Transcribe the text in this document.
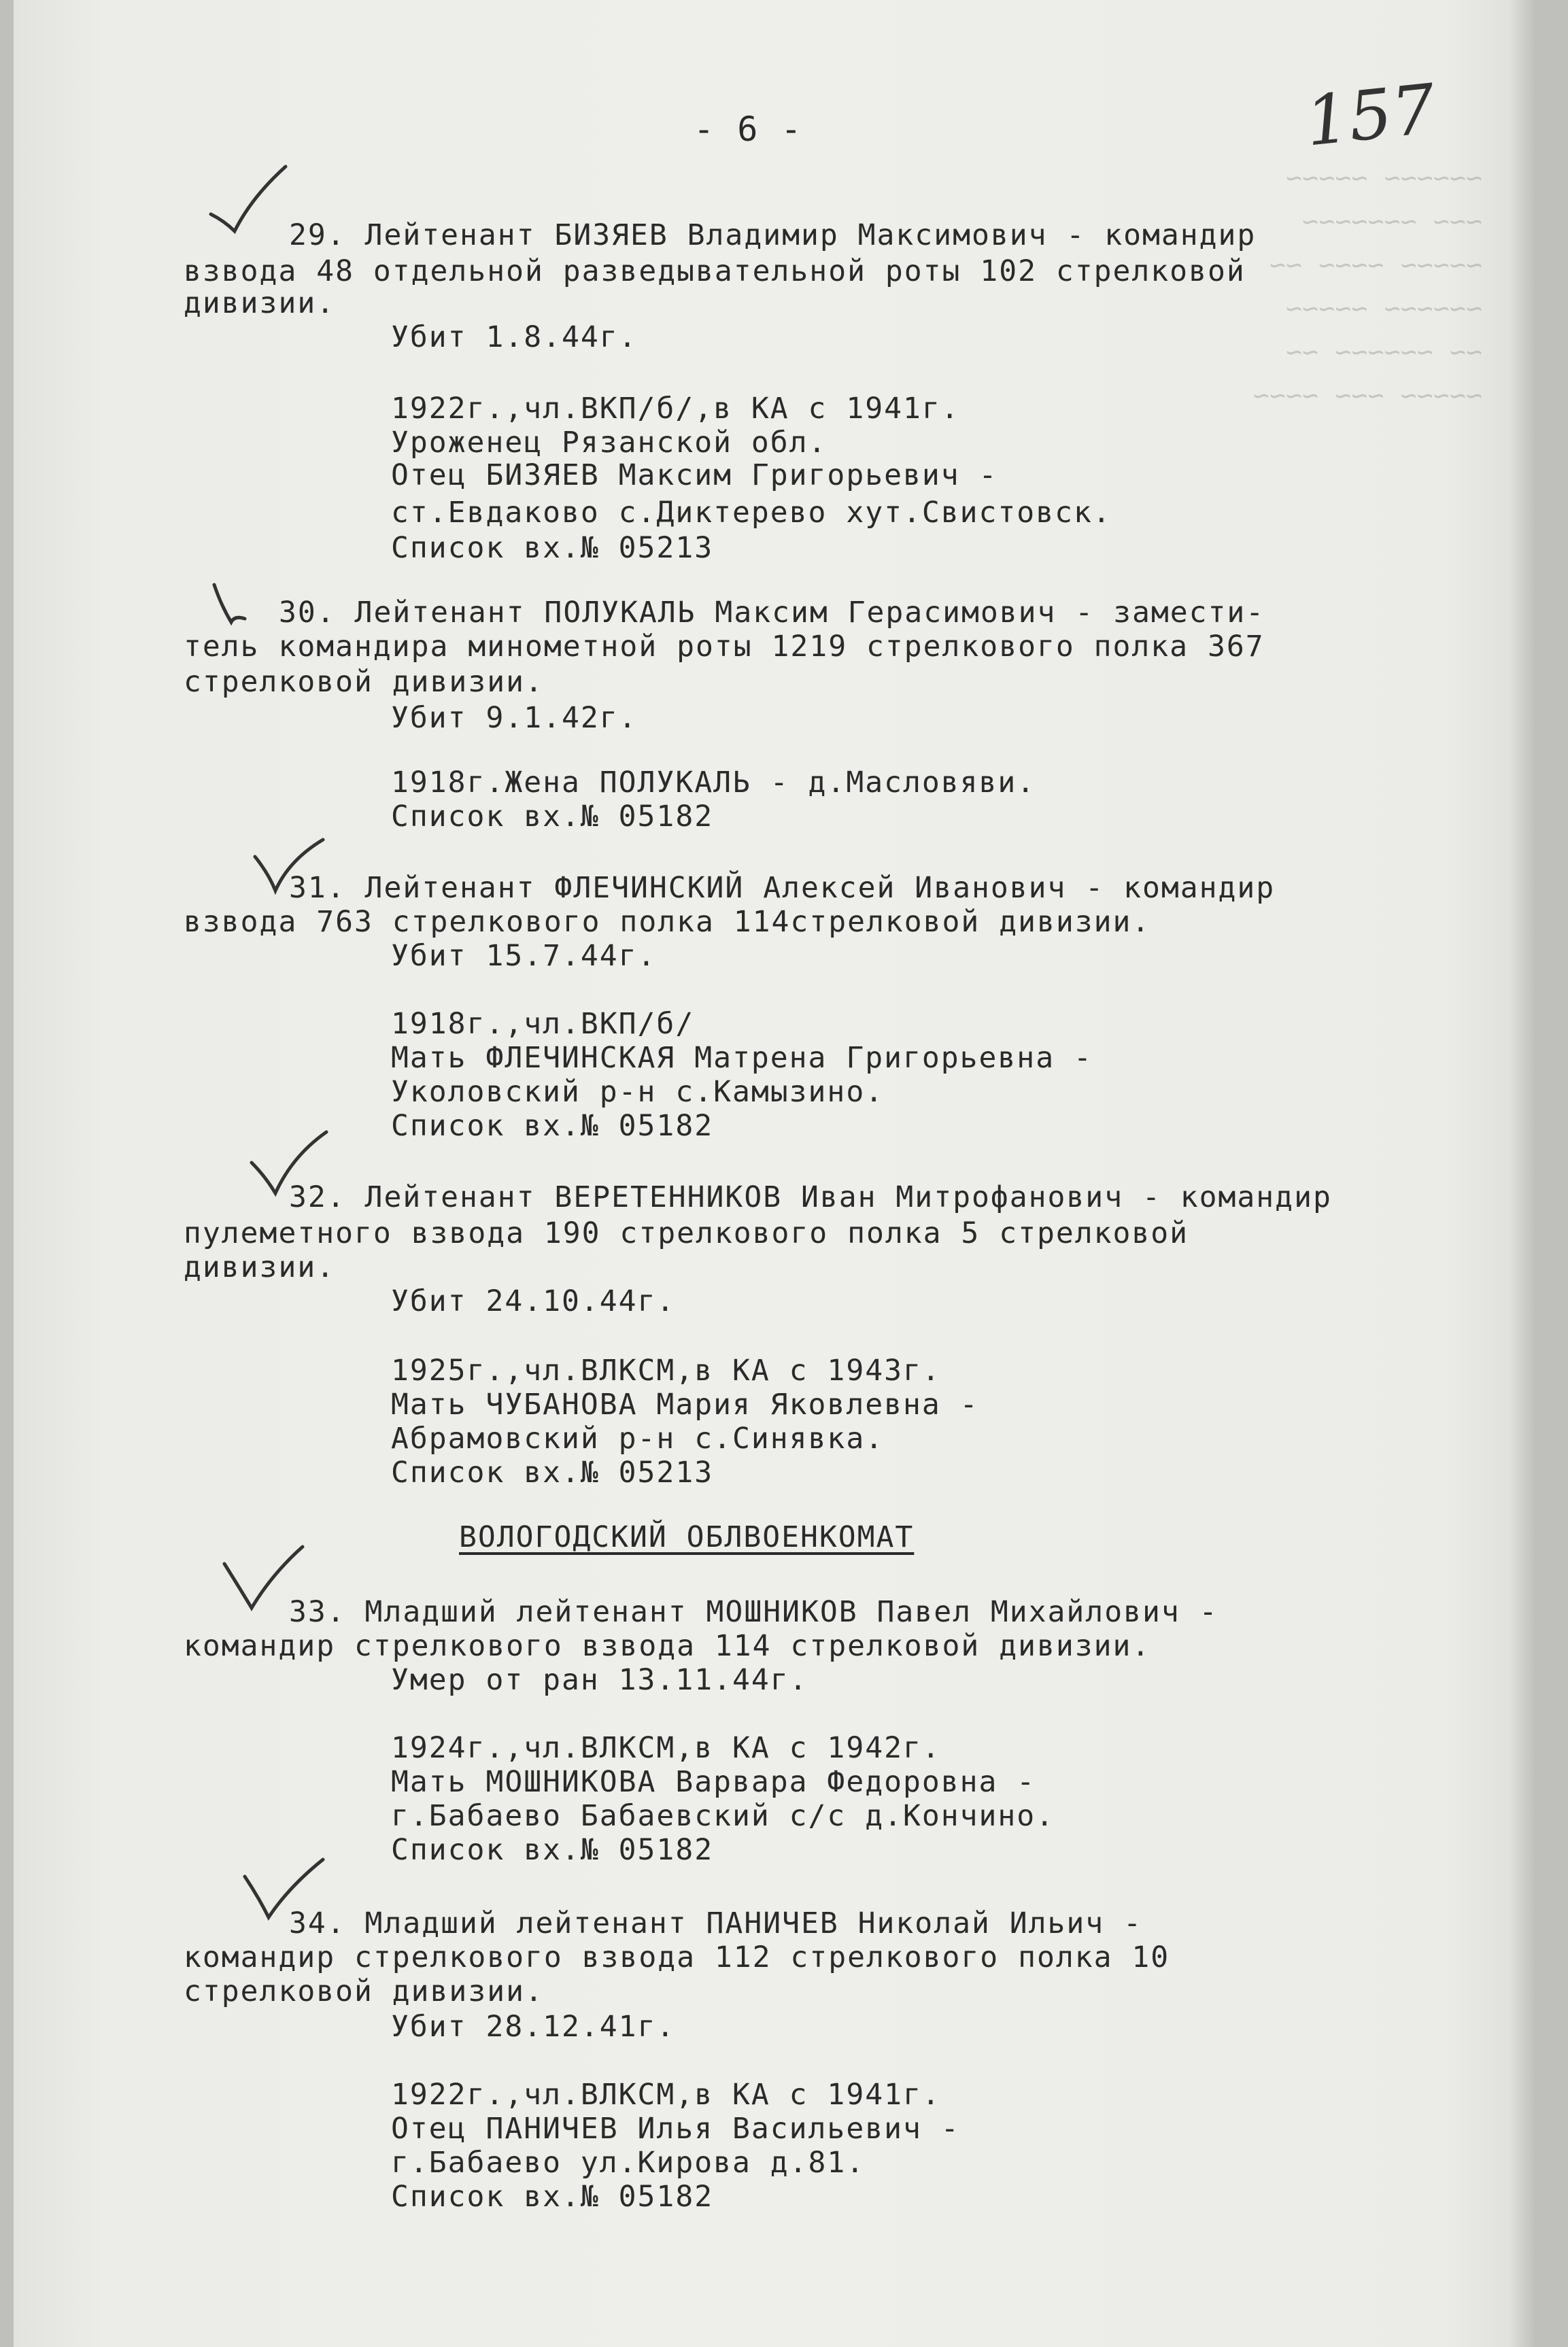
~~~~~~ ~~~~~
~~~ ~~~~~~~
~~~~~ ~~~~ ~~
~~~~~~ ~~~~~
~~ ~~~~~~ ~~
~~~~~ ~~~ ~~~~
- 6 -	157
29. Лейтенант БИЗЯЕВ Владимир Максимович - командир
взвода 48 отдельной разведывательной роты 102 стрелковой
дивизии.
Убит 1.8.44г.
1922г.,чл.ВКП/б/,в КА с 1941г.
Уроженец Рязанской обл.
Отец БИЗЯЕВ Максим Григорьевич -
ст.Евдаково с.Диктерево хут.Свистовск.
Список вх.№ 05213
30. Лейтенант ПОЛУКАЛЬ Максим Герасимович - замести-
тель командира минометной роты 1219 стрелкового полка 367
стрелковой дивизии.
Убит 9.1.42г.
1918г.Жена ПОЛУКАЛЬ - д.Масловяви.
Список вх.№ 05182
31. Лейтенант ФЛЕЧИНСКИЙ Алексей Иванович - командир
взвода 763 стрелкового полка 114стрелковой дивизии.
Убит 15.7.44г.
1918г.,чл.ВКП/б/
Мать ФЛЕЧИНСКАЯ Матрена Григорьевна -
Уколовский р-н с.Камызино.
Список вх.№ 05182
32. Лейтенант ВЕРЕТЕННИКОВ Иван Митрофанович - командир
пулеметного взвода 190 стрелкового полка 5 стрелковой
дивизии.
Убит 24.10.44г.
1925г.,чл.ВЛКСМ,в КА с 1943г.
Мать ЧУБАНОВА Мария Яковлевна -
Абрамовский р-н с.Синявка.
Список вх.№ 05213
33. Младший лейтенант МОШНИКОВ Павел Михайлович -
командир стрелкового взвода 114 стрелковой дивизии.
Умер от ран 13.11.44г.
1924г.,чл.ВЛКСМ,в КА с 1942г.
Мать МОШНИКОВА Варвара Федоровна -
г.Бабаево Бабаевский с/с д.Кончино.
Список вх.№ 05182
34. Младший лейтенант ПАНИЧЕВ Николай Ильич -
командир стрелкового взвода 112 стрелкового полка 10
стрелковой дивизии.
Убит 28.12.41г.
1922г.,чл.ВЛКСМ,в КА с 1941г.
Отец ПАНИЧЕВ Илья Васильевич -
г.Бабаево ул.Кирова д.81.
Список вх.№ 05182
ВОЛОГОДСКИЙ ОБЛВОЕНКОМАТ
